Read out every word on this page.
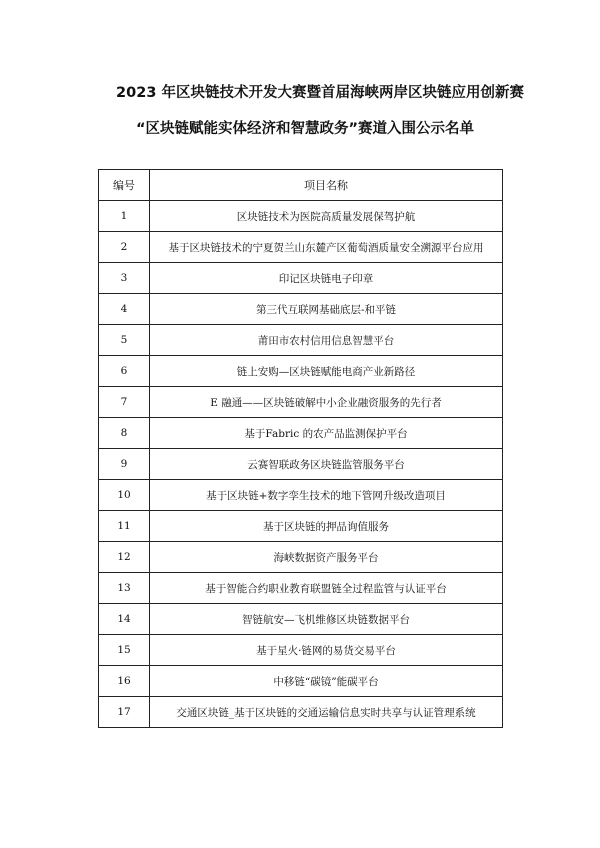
2023 年区块链技术开发大赛暨首届海峡两岸区块链应用创新赛
“区块链赋能实体经济和智慧政务”赛道入围公示名单
编号	项目名称
1	区块链技术为医院高质量发展保驾护航
2	基于区块链技术的宁夏贺兰山东麓产区葡萄酒质量安全溯源平台应用
3	印记区块链电子印章
4	第三代互联网基础底层-和平链
5	莆田市农村信用信息智慧平台
6	链上安购—区块链赋能电商产业新路径
7	E 融通——区块链破解中小企业融资服务的先行者
8	基于Fabric 的农产品监测保护平台
9	云赛智联政务区块链监管服务平台
10	基于区块链+数字孪生技术的地下管网升级改造项目
11	基于区块链的押品询值服务
12	海峡数据资产服务平台
13	基于智能合约职业教育联盟链全过程监管与认证平台
14	智链航安—飞机维修区块链数据平台
15	基于星火·链网的易货交易平台
16	中移链“碳镜”能碳平台
17	交通区块链_基于区块链的交通运输信息实时共享与认证管理系统
